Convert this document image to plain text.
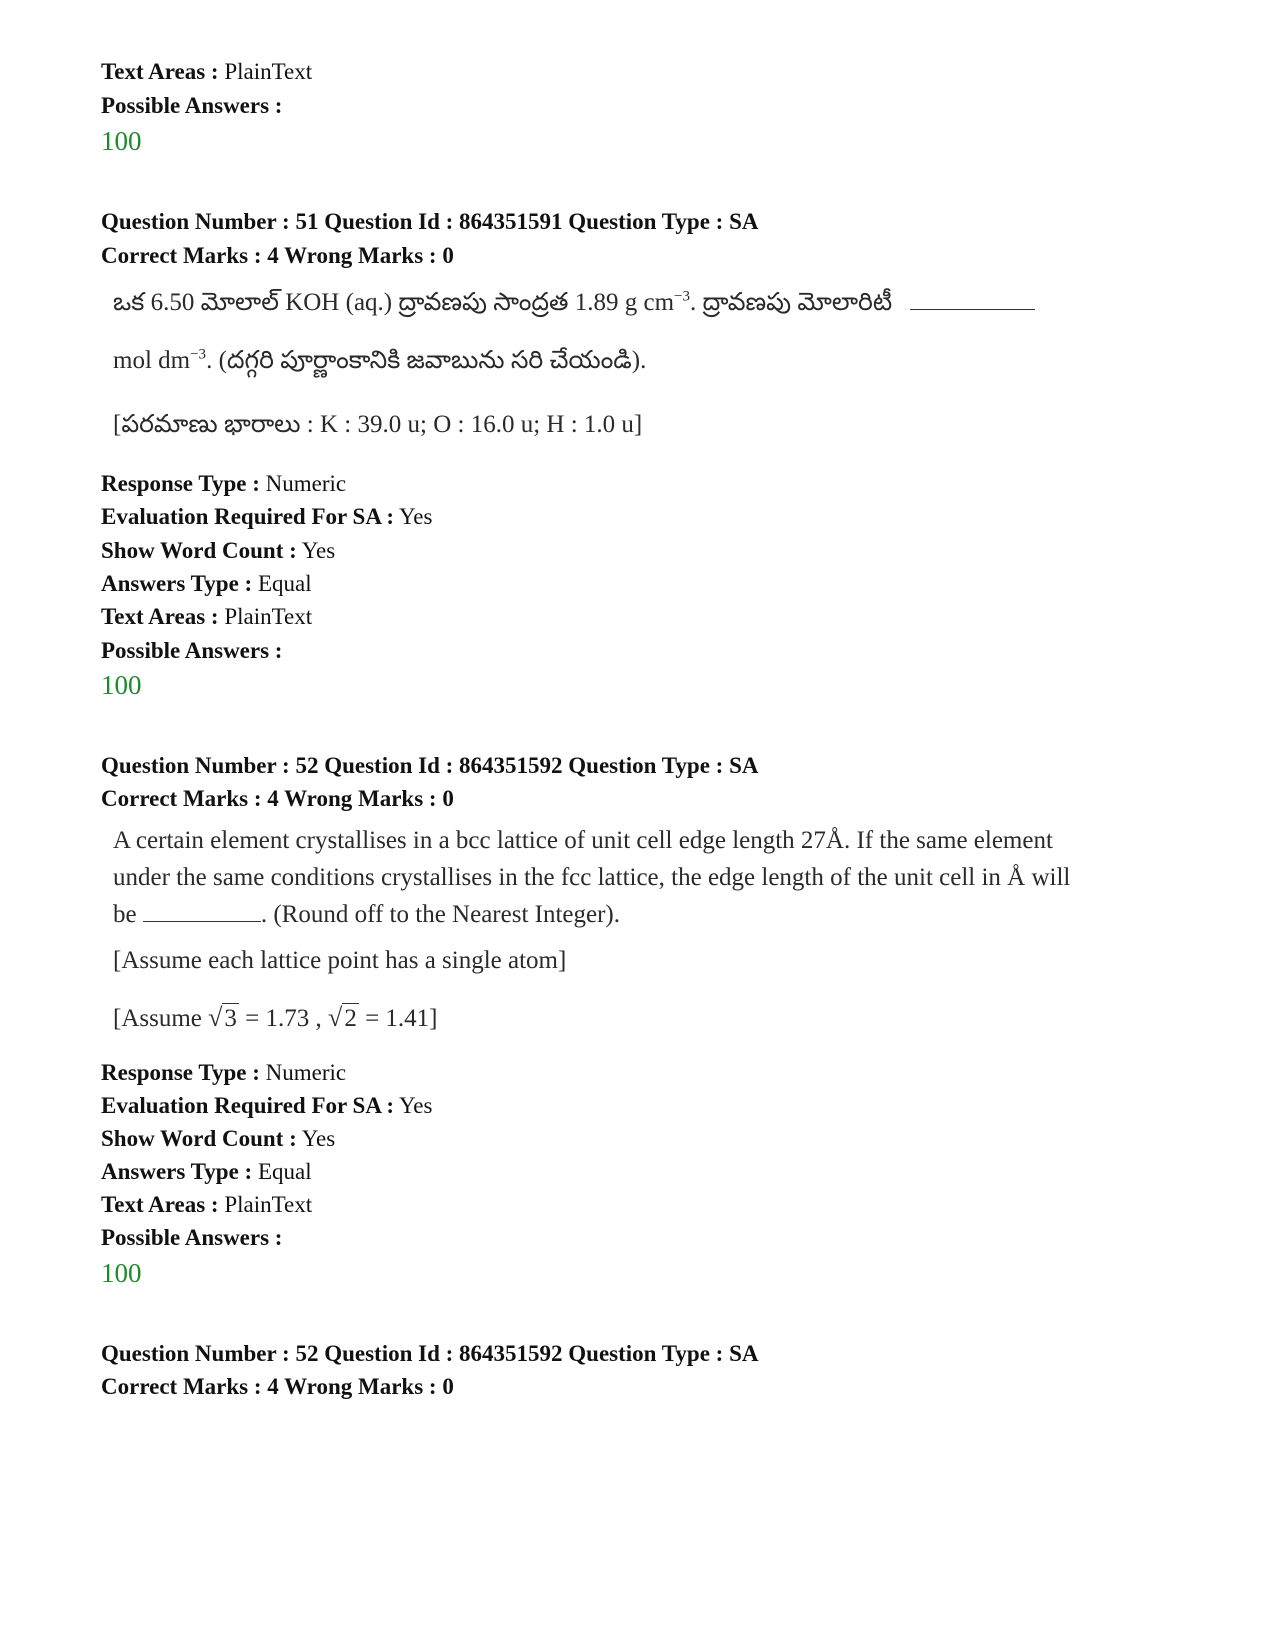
Text Areas : PlainText
Possible Answers :
100
Question Number : 51 Question Id : 864351591 Question Type : SA
Correct Marks : 4 Wrong Marks : 0
ఒక 6.50 మోలాల్ KOH (aq.) ద్రావణపు సాంద్రత 1.89 g $cm^{-3}$. ద్రావణపు మోలారిటీ
mol $dm^{-3}$. (దగ్గరి పూర్ణాంకానికి జవాబును సరి చేయండి).
[పరమాణు భారాలు : K : 39.0 u; O : 16.0 u; H : 1.0 u]
Response Type : Numeric
Evaluation Required For SA : Yes
Show Word Count : Yes
Answers Type : Equal
Text Areas : PlainText
Possible Answers :
100
Question Number : 52 Question Id : 864351592 Question Type : SA
Correct Marks : 4 Wrong Marks : 0
A certain element crystallises in a bcc lattice of unit cell edge length 27Å. If the same element
under the same conditions crystallises in the fcc lattice, the edge length of the unit cell in Å will
be	. (Round off to the Nearest Integer).
[Assume each lattice point has a single atom]
[Assume √3 = 1.73 , √2 = 1.41]
Response Type : Numeric
Evaluation Required For SA : Yes
Show Word Count : Yes
Answers Type : Equal
Text Areas : PlainText
Possible Answers :
100
Question Number : 52 Question Id : 864351592 Question Type : SA
Correct Marks : 4 Wrong Marks : 0
